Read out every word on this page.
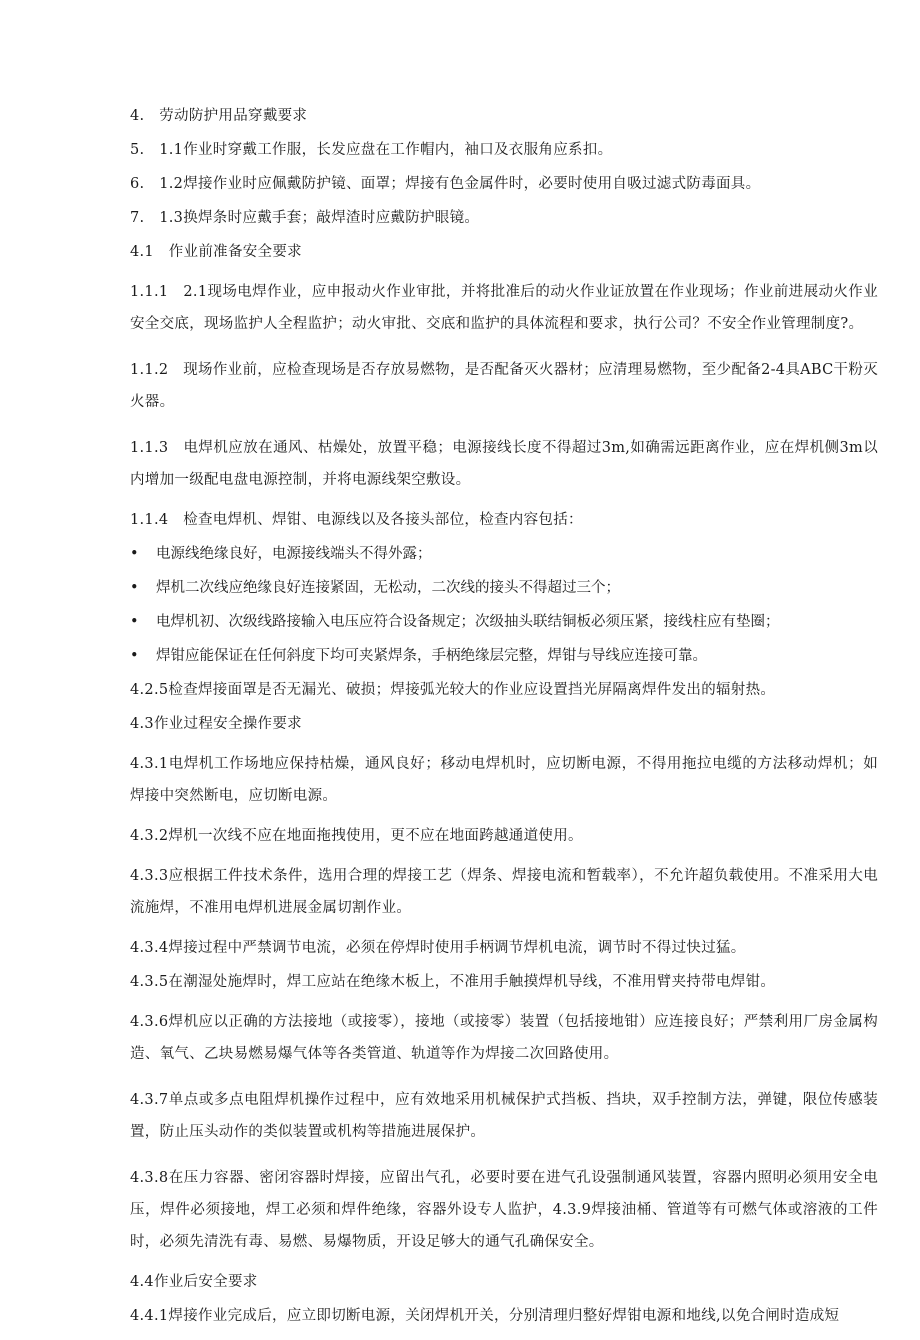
4.　劳动防护用品穿戴要求

5.　1.1作业时穿戴工作服，长发应盘在工作帽内，袖口及衣服角应系扣。

6.　1.2焊接作业时应佩戴防护镜、面罩；焊接有色金属件时，必要时使用自吸过滤式防毒面具。

7.　1.3换焊条时应戴手套；敲焊渣时应戴防护眼镜。

4.1　作业前准备安全要求

1.1.1　2.1现场电焊作业，应申报动火作业审批，并将批准后的动火作业证放置在作业现场；作业前进展动火作业安全交底，现场监护人全程监护；动火审批、交底和监护的具体流程和要求，执行公司？不安全作业管理制度?。

1.1.2　现场作业前，应检查现场是否存放易燃物，是否配备灭火器材；应清理易燃物，至少配备2-4具ABC干粉灭火器。

1.1.3　电焊机应放在通风、枯燥处，放置平稳；电源接线长度不得超过3m,如确需远距离作业，应在焊机侧3m以内增加一级配电盘电源控制，并将电源线架空敷设。

1.1.4　检查电焊机、焊钳、电源线以及各接头部位，检查内容包括：

• 电源线绝缘良好，电源接线端头不得外露；
• 焊机二次线应绝缘良好连接紧固，无松动，二次线的接头不得超过三个；
• 电焊机初、次级线路接输入电压应符合设备规定；次级抽头联结铜板必须压紧，接线柱应有垫圈；
• 焊钳应能保证在任何斜度下均可夹紧焊条，手柄绝缘层完整，焊钳与导线应连接可靠。

4.2.5检查焊接面罩是否无漏光、破损；焊接弧光较大的作业应设置挡光屏隔离焊件发出的辐射热。

4.3作业过程安全操作要求

4.3.1电焊机工作场地应保持枯燥，通风良好；移动电焊机时，应切断电源，不得用拖拉电缆的方法移动焊机；如焊接中突然断电，应切断电源。

4.3.2焊机一次线不应在地面拖拽使用，更不应在地面跨越通道使用。

4.3.3应根据工件技术条件，选用合理的焊接工艺（焊条、焊接电流和暂载率），不允许超负载使用。不准采用大电流施焊，不准用电焊机进展金属切割作业。

4.3.4焊接过程中严禁调节电流，必须在停焊时使用手柄调节焊机电流，调节时不得过快过猛。

4.3.5在潮湿处施焊时，焊工应站在绝缘木板上，不准用手触摸焊机导线，不准用臂夹持带电焊钳。

4.3.6焊机应以正确的方法接地（或接零），接地（或接零）装置（包括接地钳）应连接良好；严禁利用厂房金属构造、氧气、乙块易燃易爆气体等各类管道、轨道等作为焊接二次回路使用。

4.3.7单点或多点电阻焊机操作过程中，应有效地采用机械保护式挡板、挡块，双手控制方法，弹键，限位传感装置，防止压头动作的类似装置或机构等措施进展保护。

4.3.8在压力容器、密闭容器时焊接，应留出气孔，必要时要在进气孔设强制通风装置，容器内照明必须用安全电压，焊件必须接地，焊工必须和焊件绝缘，容器外设专人监护，4.3.9焊接油桶、管道等有可燃气体或溶液的工件时，必须先清洗有毒、易燃、易爆物质，开设足够大的通气孔确保安全。

4.4作业后安全要求

4.4.1焊接作业完成后，应立即切断电源，关闭焊机开关，分别清理归整好焊钳电源和地线,以免合闸时造成短
